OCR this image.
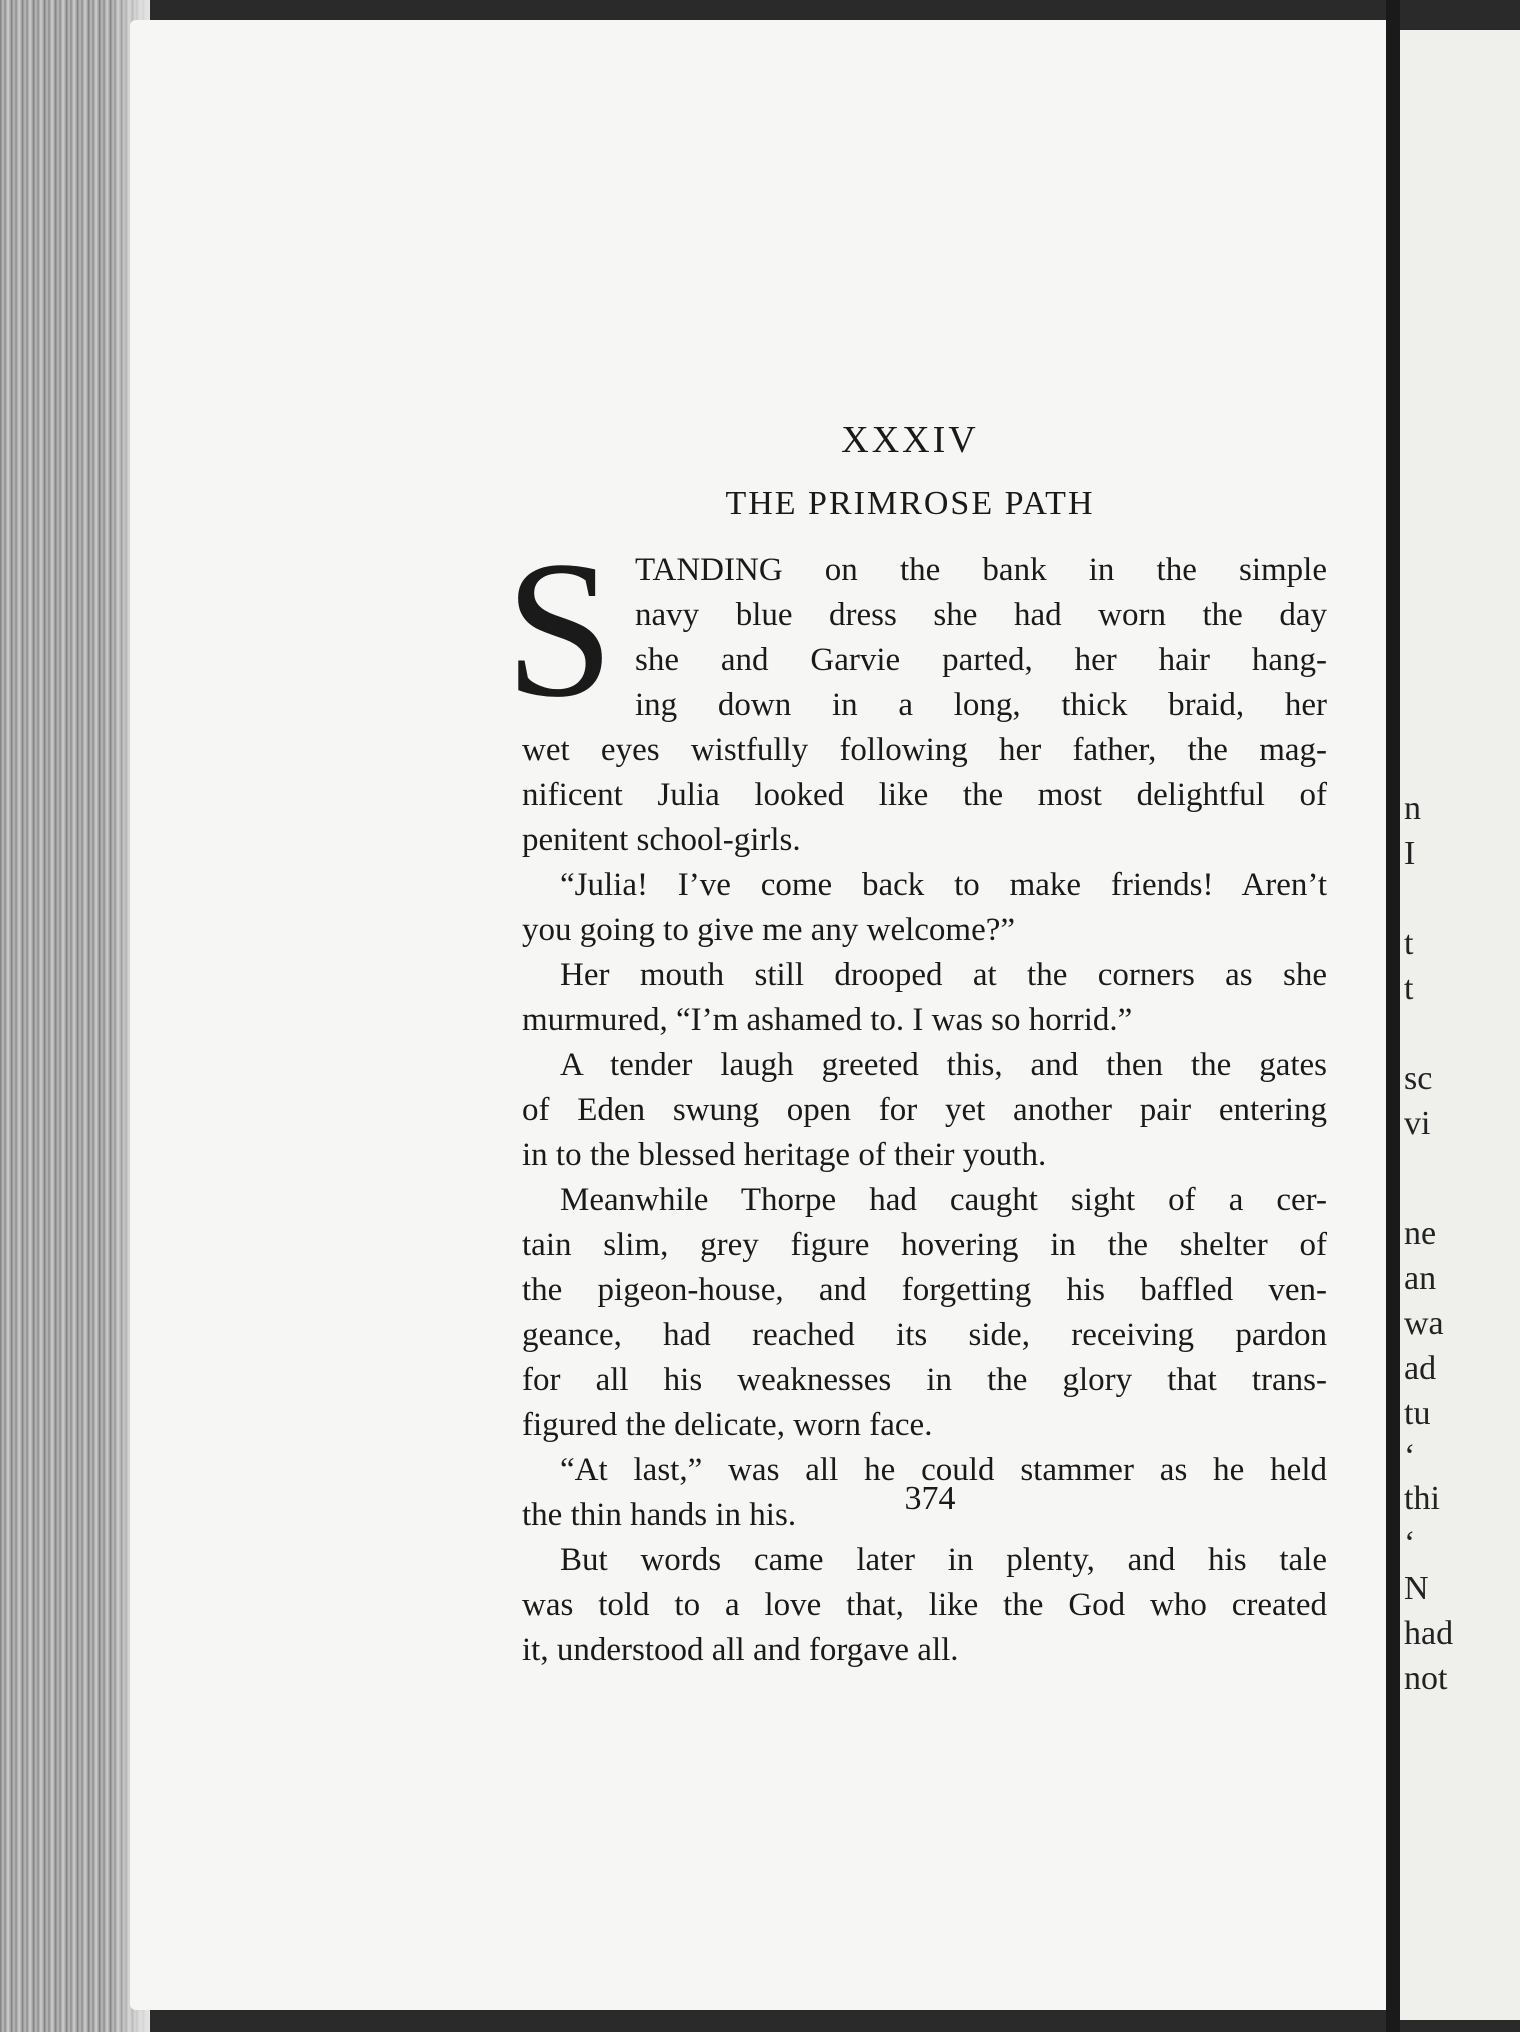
n
I
t
t
sc
vi
ne
an
wa
ad
tu
‘
thi
‘
N
had
not
XXXIV
THE PRIMROSE PATH
S TANDING on the bank in the simple
navy blue dress she had worn the day
she and Garvie parted, her hair hang-
ing down in a long, thick braid, her
wet eyes wistfully following her father, the mag-
nificent Julia looked like the most delightful of
penitent school-girls.
“Julia! I’ve come back to make friends! Aren’t
you going to give me any welcome?”
Her mouth still drooped at the corners as she
murmured, “I’m ashamed to. I was so horrid.”
A tender laugh greeted this, and then the gates
of Eden swung open for yet another pair entering
in to the blessed heritage of their youth.
Meanwhile Thorpe had caught sight of a cer-
tain slim, grey figure hovering in the shelter of
the pigeon-house, and forgetting his baffled ven-
geance, had reached its side, receiving pardon
for all his weaknesses in the glory that trans-
figured the delicate, worn face.
“At last,” was all he could stammer as he held
the thin hands in his.
But words came later in plenty, and his tale
was told to a love that, like the God who created
it, understood all and forgave all.
374
